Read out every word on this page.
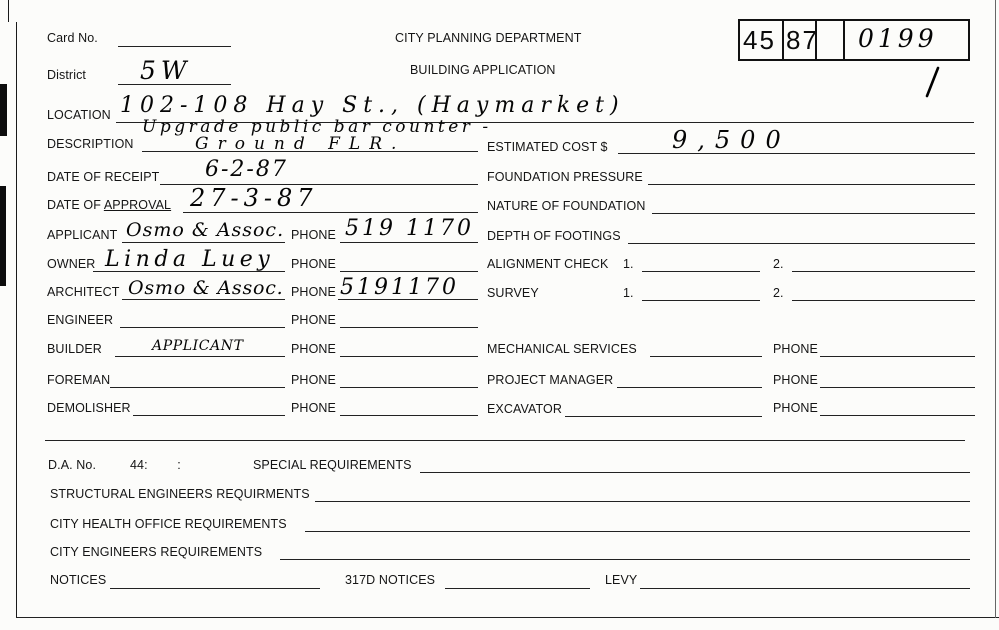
Card No.
District 5W
CITY PLANNING DEPARTMENT
BUILDING APPLICATION
45 87 0199
LOCATION 102-108 Hay St., (Haymarket)
DESCRIPTION
Upgrade public bar counter -
Ground FLR.	ESTIMATED COST $	9,500
DATE OF RECEIPT 6-2-87	FOUNDATION PRESSURE
DATE OF APPROVAL 27-3-87	NATURE OF FOUNDATION
APPLICANT Osmo & Assoc. PHONE 519 1170 DEPTH OF FOOTINGS
OWNER Linda Luey PHONE	ALIGNMENT CHECK 1.	2.
ARCHITECT Osmo & Assoc. PHONE 5191170 SURVEY	1.	2.
ENGINEER	PHONE
BUILDER	APPLICANT	PHONE	MECHANICAL SERVICES	PHONE
FOREMAN	PHONE	PROJECT MANAGER	PHONE
DEMOLISHER	PHONE	EXCAVATOR	PHONE
D.A. No.	44: :	SPECIAL REQUIREMENTS
STRUCTURAL ENGINEERS REQUIRMENTS
CITY HEALTH OFFICE REQUIREMENTS
CITY ENGINEERS REQUIREMENTS
NOTICES	317D NOTICES	LEVY
